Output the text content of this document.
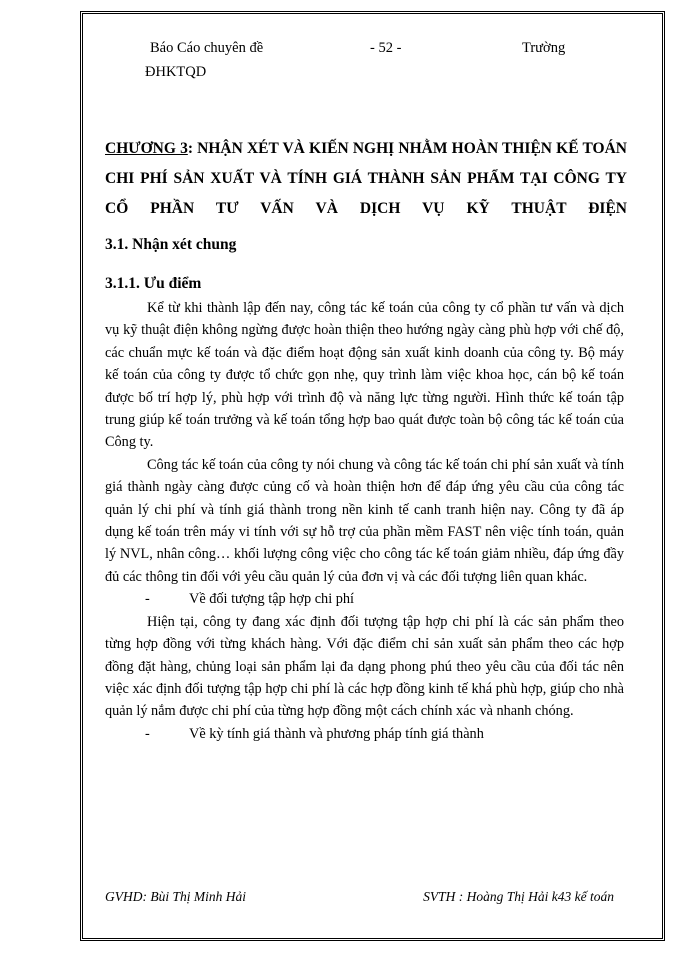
Báo Cáo chuyên đề	- 52 -	Trường
ĐHKTQD
CHƯƠNG 3: NHẬN XÉT VÀ KIẾN NGHỊ NHẰM HOÀN THIỆN KẾ TOÁN CHI PHÍ SẢN XUẤT VÀ TÍNH GIÁ THÀNH SẢN PHẨM TẠI CÔNG TY CỔ PHẦN TƯ VẤN VÀ DỊCH VỤ KỸ THUẬT ĐIỆN
3.1. Nhận xét chung
3.1.1. Ưu điểm

Kể từ khi thành lập đến nay, công tác kế toán của công ty cổ phần tư vấn và dịch vụ kỹ thuật điện không ngừng được hoàn thiện theo hướng ngày càng phù hợp với chế độ, các chuẩn mực kế toán và đặc điểm hoạt động sản xuất kinh doanh của công ty. Bộ máy kế toán của công ty được tổ chức gọn nhẹ, quy trình làm việc khoa học, cán bộ kế toán được bố trí hợp lý, phù hợp với trình độ và năng lực từng người. Hình thức kế toán tập trung giúp kế toán trưởng và kế toán tổng hợp bao quát được toàn bộ công tác kế toán của Công ty.

Công tác kế toán của công ty nói chung và công tác kế toán chi phí sản xuất và tính giá thành ngày càng được củng cố và hoàn thiện hơn để đáp ứng yêu cầu của công tác quản lý chi phí và tính giá thành trong nền kinh tế canh tranh hiện nay. Công ty đã áp dụng kế toán trên máy vi tính với sự hỗ trợ của phần mềm FAST nên việc tính toán, quản lý NVL, nhân công… khối lượng công việc cho công tác kế toán giảm nhiều, đáp ứng đầy đủ các thông tin đối với yêu cầu quản lý của đơn vị và các đối tượng liên quan khác.

-	Về đối tượng tập hợp chi phí

Hiện tại, công ty đang xác định đối tượng tập hợp chi phí là các sản phẩm theo từng hợp đồng với từng khách hàng. Với đặc điểm chỉ sản xuất sản phẩm theo các hợp đồng đặt hàng, chủng loại sản phẩm lại đa dạng phong phú theo yêu cầu của đối tác nên việc xác định đối tượng tập hợp chi phí là các hợp đồng kinh tế khá phù hợp, giúp cho nhà quản lý nắm được chi phí của từng hợp đồng một cách chính xác và nhanh chóng.

-	Về kỳ tính giá thành và phương pháp tính giá thành

GVHD: Bùi Thị Minh Hải	SVTH : Hoàng Thị Hải k43 kế toán
